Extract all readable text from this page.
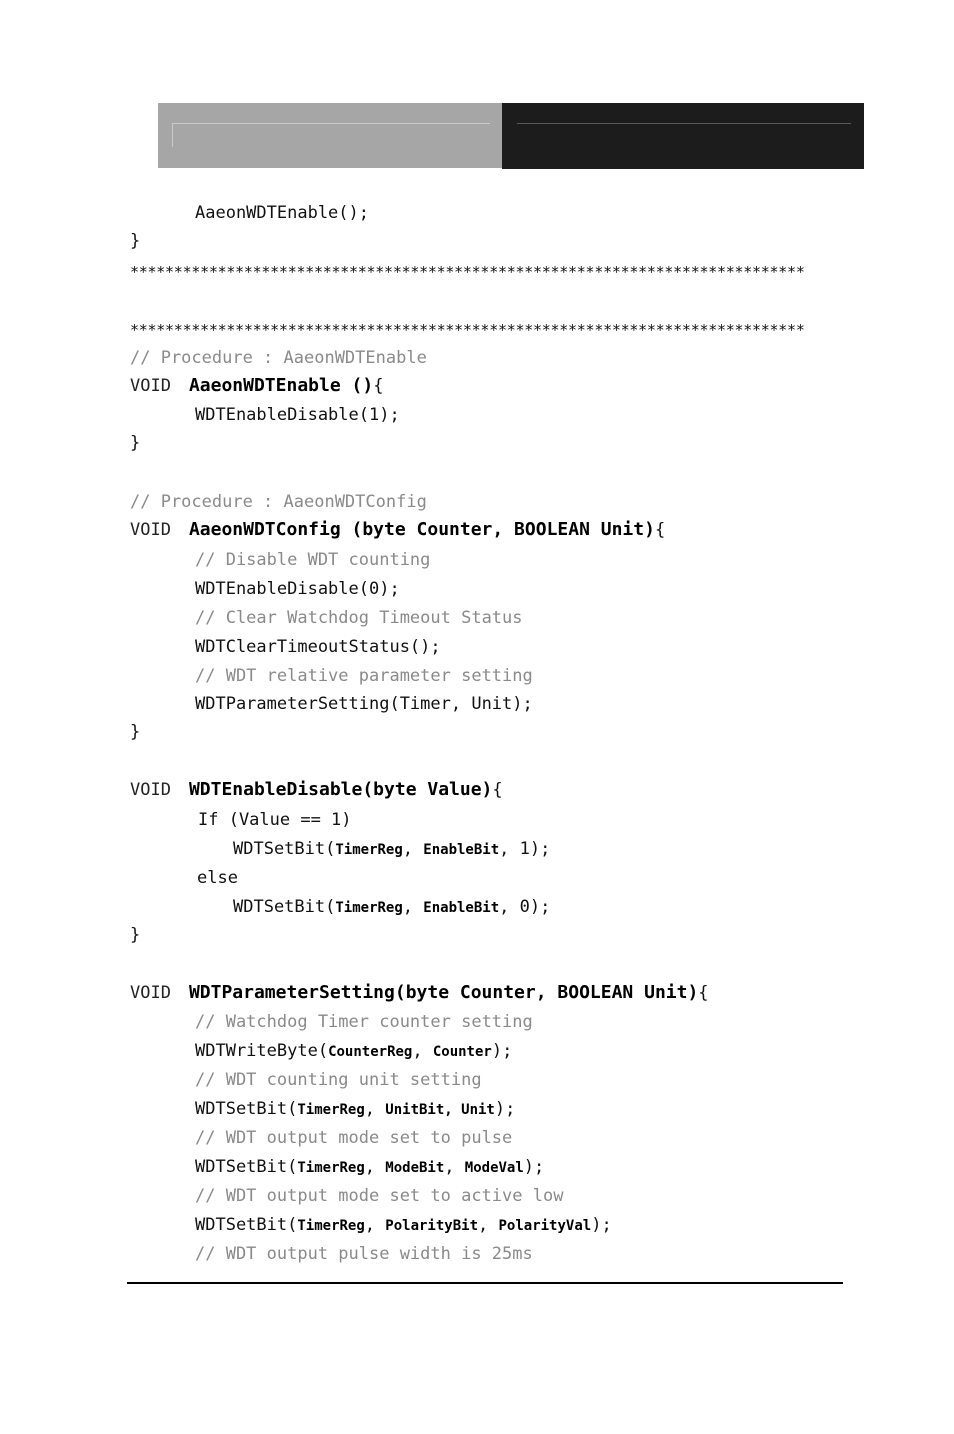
AaeonWDTEnable();
}
*****************************************************************************
*****************************************************************************
// Procedure : AaeonWDTEnable
VOID AaeonWDTEnable (){
WDTEnableDisable(1);
}
// Procedure : AaeonWDTConfig
VOID AaeonWDTConfig (byte Counter, BOOLEAN Unit){
// Disable WDT counting
WDTEnableDisable(0);
// Clear Watchdog Timeout Status
WDTClearTimeoutStatus();
// WDT relative parameter setting
WDTParameterSetting(Timer, Unit);
}
VOID WDTEnableDisable(byte Value){
If (Value == 1)
WDTSetBit(TimerReg, EnableBit, 1);
else
WDTSetBit(TimerReg, EnableBit, 0);
}
VOID WDTParameterSetting(byte Counter, BOOLEAN Unit){
// Watchdog Timer counter setting
WDTWriteByte(CounterReg, Counter);
// WDT counting unit setting
WDTSetBit(TimerReg, UnitBit, Unit);
// WDT output mode set to pulse
WDTSetBit(TimerReg, ModeBit, ModeVal);
// WDT output mode set to active low
WDTSetBit(TimerReg, PolarityBit, PolarityVal);
// WDT output pulse width is 25ms
